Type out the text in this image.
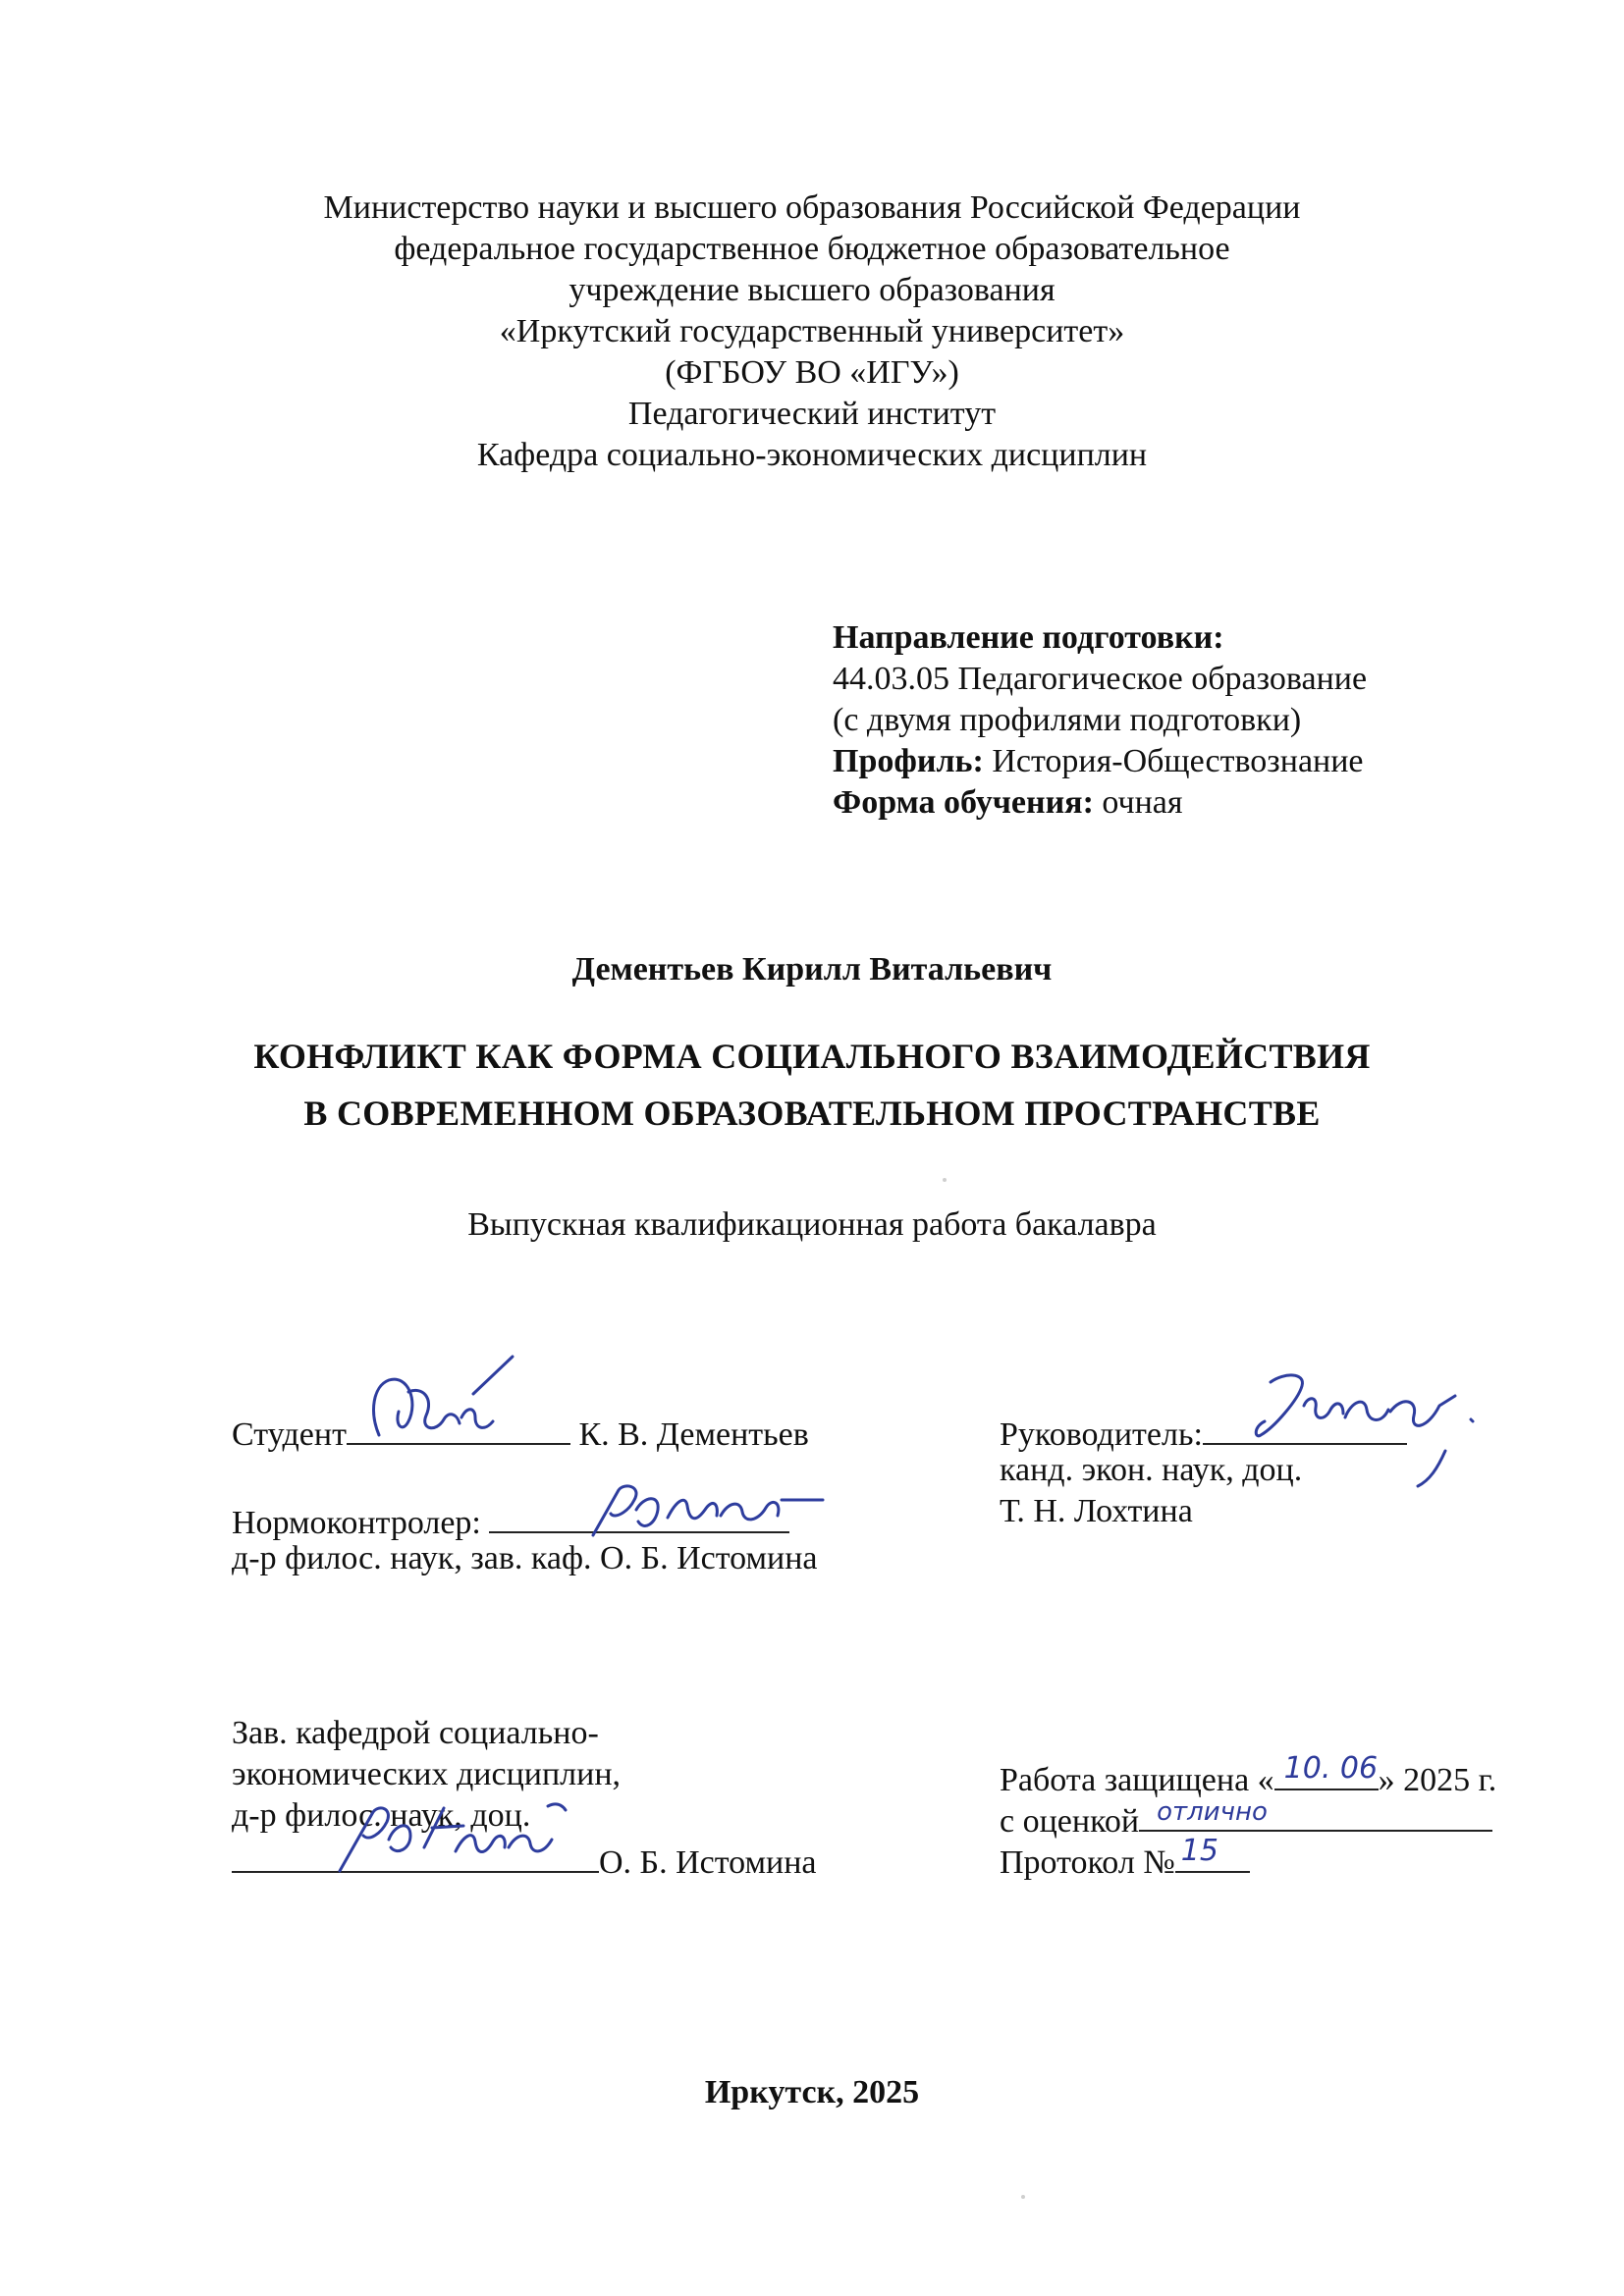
Министерство науки и высшего образования Российской Федерации
федеральное государственное бюджетное образовательное
учреждение высшего образования
«Иркутский государственный университет»
(ФГБОУ ВО «ИГУ»)
Педагогический институт
Кафедра социально-экономических дисциплин
Направление подготовки:
44.03.05 Педагогическое образование
(с двумя профилями подготовки)
Профиль: История-Обществознание
Форма обучения: очная
Дементьев Кирилл Витальевич
КОНФЛИКТ КАК ФОРМА СОЦИАЛЬНОГО ВЗАИМОДЕЙСТВИЯ
В СОВРЕМЕННОМ ОБРАЗОВАТЕЛЬНОМ ПРОСТРАНСТВЕ
Выпускная квалификационная работа бакалавра
Студент	К. В. Дементьев	Руководитель:
канд. экон. наук, доц.
Т. Н. Лохтина
Нормоконтролер:
д-р филос. наук, зав. каф. О. Б. Истомина
Зав. кафедрой социально-
экономических дисциплин,
д-р филос. наук, доц.
О. Б. Истомина
Работа защищена « 10. 06 » 2025 г.
с оценкой отлично
Протокол № 15
Иркутск, 2025
